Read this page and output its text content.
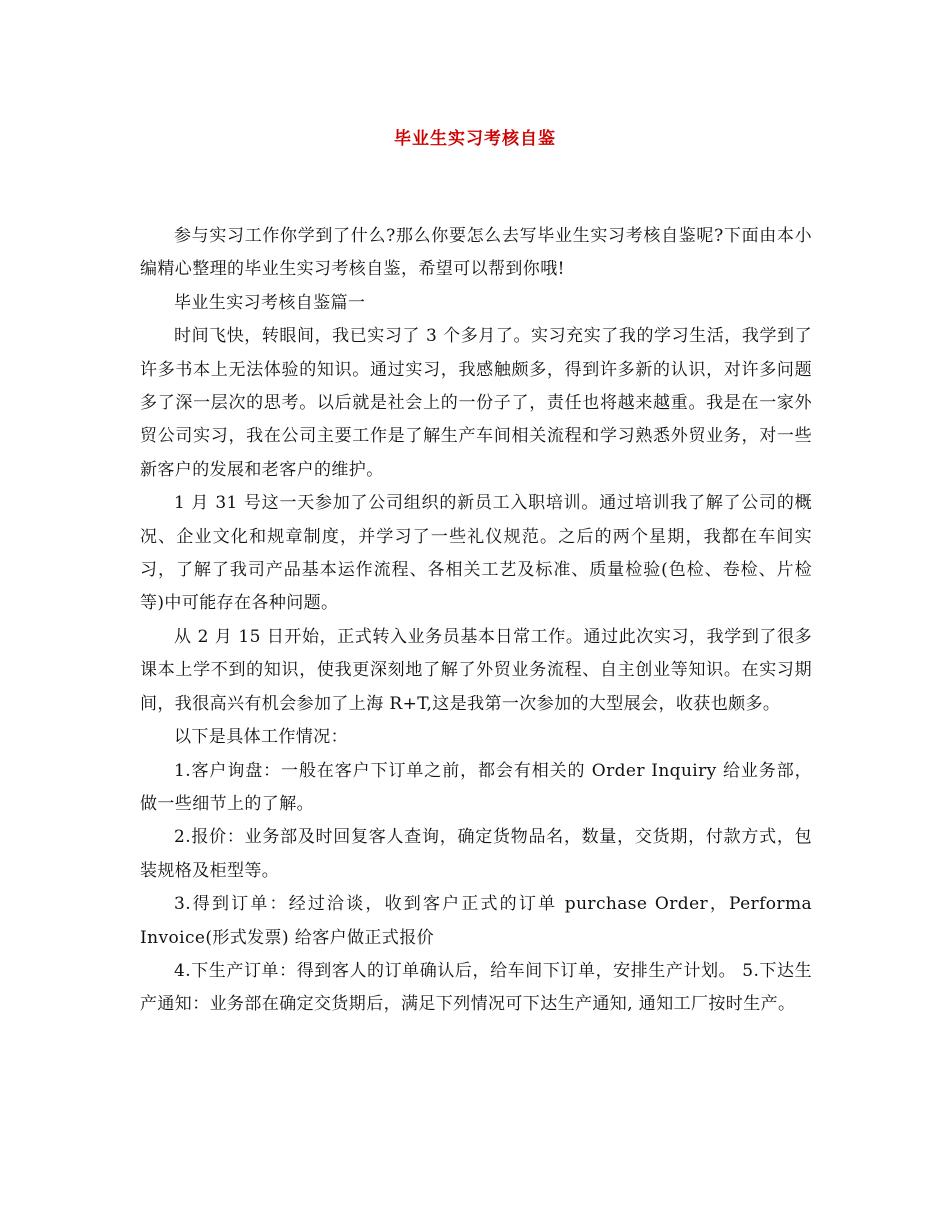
毕业生实习考核自鉴

参与实习工作你学到了什么?那么你要怎么去写毕业生实习考核自鉴呢?下面由本小编精心整理的毕业生实习考核自鉴，希望可以帮到你哦!

毕业生实习考核自鉴篇一

时间飞快，转眼间，我已实习了 3 个多月了。实习充实了我的学习生活，我学到了许多书本上无法体验的知识。通过实习，我感触颇多，得到许多新的认识，对许多问题多了深一层次的思考。以后就是社会上的一份子了，责任也将越来越重。我是在一家外贸公司实习，我在公司主要工作是了解生产车间相关流程和学习熟悉外贸业务，对一些新客户的发展和老客户的维护。

1 月 31 号这一天参加了公司组织的新员工入职培训。通过培训我了解了公司的概况、企业文化和规章制度，并学习了一些礼仪规范。之后的两个星期，我都在车间实习，了解了我司产品基本运作流程、各相关工艺及标准、质量检验(色检、卷检、片检等)中可能存在各种问题。

从 2 月 15 日开始，正式转入业务员基本日常工作。通过此次实习，我学到了很多课本上学不到的知识，使我更深刻地了解了外贸业务流程、自主创业等知识。在实习期间，我很高兴有机会参加了上海 R+T,这是我第一次参加的大型展会，收获也颇多。

以下是具体工作情况：

1.客户询盘：一般在客户下订单之前，都会有相关的 Order Inquiry 给业务部，做一些细节上的了解。

2.报价：业务部及时回复客人查询，确定货物品名，数量，交货期，付款方式，包装规格及柜型等。

3.得到订单：经过洽谈，收到客户正式的订单 purchase Order，Performa Invoice(形式发票) 给客户做正式报价

4.下生产订单：得到客人的订单确认后，给车间下订单，安排生产计划。 5.下达生产通知：业务部在确定交货期后，满足下列情况可下达生产通知, 通知工厂按时生产。
